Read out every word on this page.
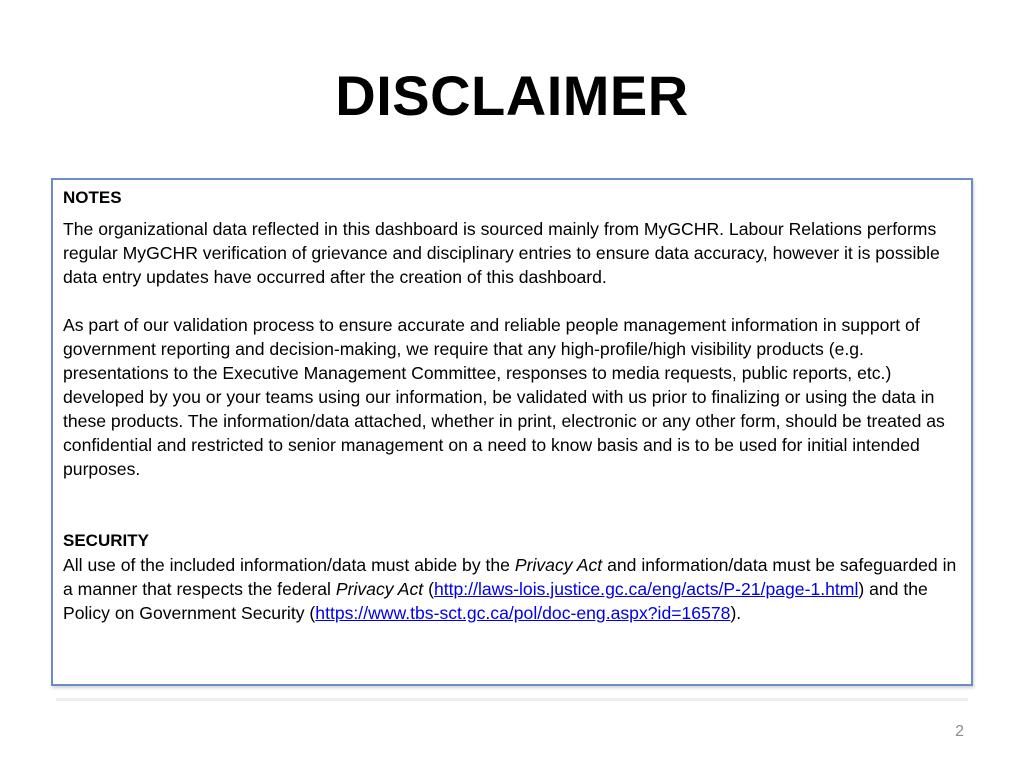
DISCLAIMER

NOTES

The organizational data reflected in this dashboard is sourced mainly from MyGCHR. Labour Relations performs regular MyGCHR verification of grievance and disciplinary entries to ensure data accuracy, however it is possible data entry updates have occurred after the creation of this dashboard.

As part of our validation process to ensure accurate and reliable people management information in support of government reporting and decision-making, we require that any high-profile/high visibility products (e.g. presentations to the Executive Management Committee, responses to media requests, public reports, etc.) developed by you or your teams using our information, be validated with us prior to finalizing or using the data in these products. The information/data attached, whether in print, electronic or any other form, should be treated as confidential and restricted to senior management on a need to know basis and is to be used for initial intended purposes.

SECURITY

All use of the included information/data must abide by the Privacy Act and information/data must be safeguarded in a manner that respects the federal Privacy Act (http://laws-lois.justice.gc.ca/eng/acts/P-21/page-1.html) and the Policy on Government Security (https://www.tbs-sct.gc.ca/pol/doc-eng.aspx?id=16578).

2
